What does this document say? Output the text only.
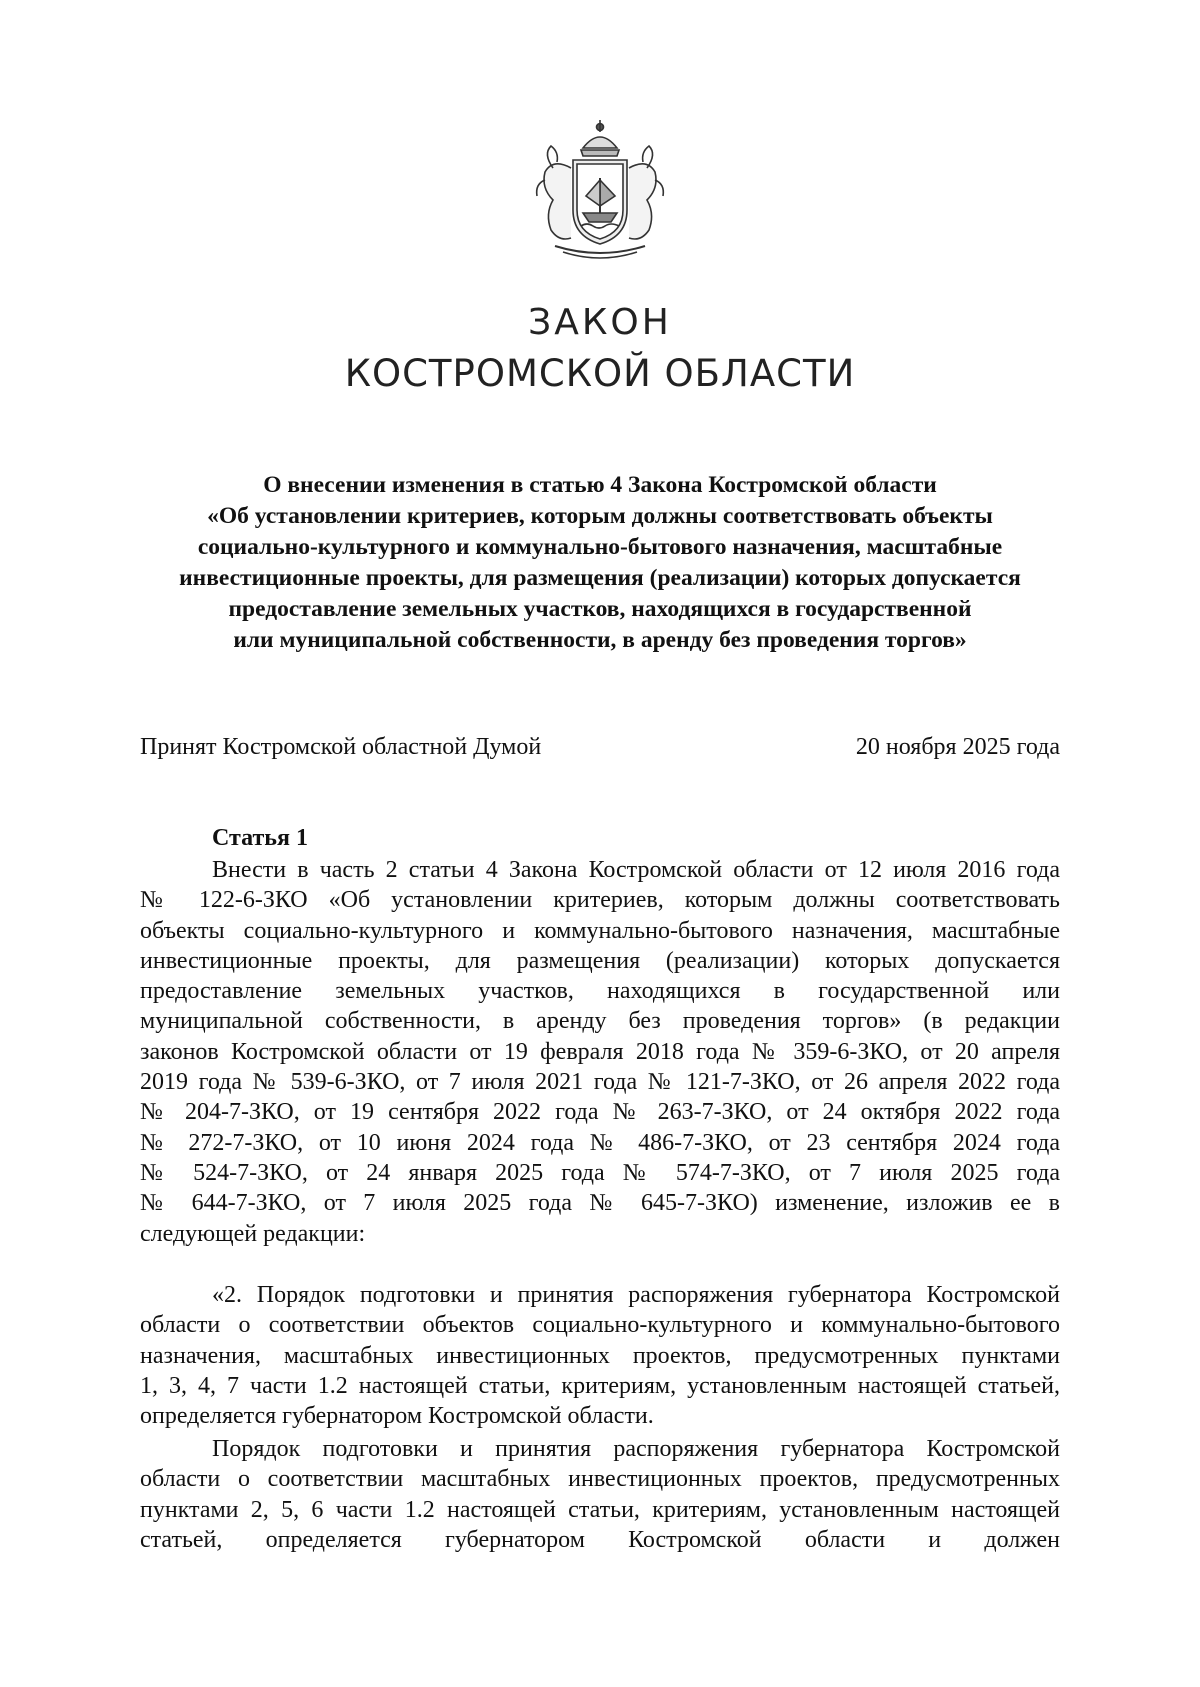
ЗАКОН
КОСТРОМСКОЙ ОБЛАСТИ
О внесении изменения в статью 4 Закона Костромской области
«Об установлении критериев, которым должны соответствовать объекты
социально-культурного и коммунально-бытового назначения, масштабные
инвестиционные проекты, для размещения (реализации) которых допускается
предоставление земельных участков, находящихся в государственной
или муниципальной собственности, в аренду без проведения торгов»
Принят Костромской областной Думой	20 ноября 2025 года
Статья 1
Внести в часть 2 статьи 4 Закона Костромской области от 12 июля 2016 года
№ 122-6-ЗКО «Об установлении критериев, которым должны соответствовать
объекты социально-культурного и коммунально-бытового назначения, масштабные
инвестиционные проекты, для размещения (реализации) которых допускается
предоставление земельных участков, находящихся в государственной или
муниципальной собственности, в аренду без проведения торгов» (в редакции
законов Костромской области от 19 февраля 2018 года № 359-6-ЗКО, от 20 апреля
2019 года № 539-6-ЗКО, от 7 июля 2021 года № 121-7-ЗКО, от 26 апреля 2022 года
№ 204-7-ЗКО, от 19 сентября 2022 года № 263-7-ЗКО, от 24 октября 2022 года
№ 272-7-ЗКО, от 10 июня 2024 года № 486-7-ЗКО, от 23 сентября 2024 года
№ 524-7-ЗКО, от 24 января 2025 года № 574-7-ЗКО, от 7 июля 2025 года
№ 644-7-ЗКО, от 7 июля 2025 года № 645-7-ЗКО) изменение, изложив ее в
следующей редакции:
«2. Порядок подготовки и принятия распоряжения губернатора Костромской
области о соответствии объектов социально-культурного и коммунально-бытового
назначения, масштабных инвестиционных проектов, предусмотренных пунктами
1, 3, 4, 7 части 1.2 настоящей статьи, критериям, установленным настоящей статьей,
определяется губернатором Костромской области.
Порядок подготовки и принятия распоряжения губернатора Костромской
области о соответствии масштабных инвестиционных проектов, предусмотренных
пунктами 2, 5, 6 части 1.2 настоящей статьи, критериям, установленным настоящей
статьей, определяется губернатором Костромской области и должен
